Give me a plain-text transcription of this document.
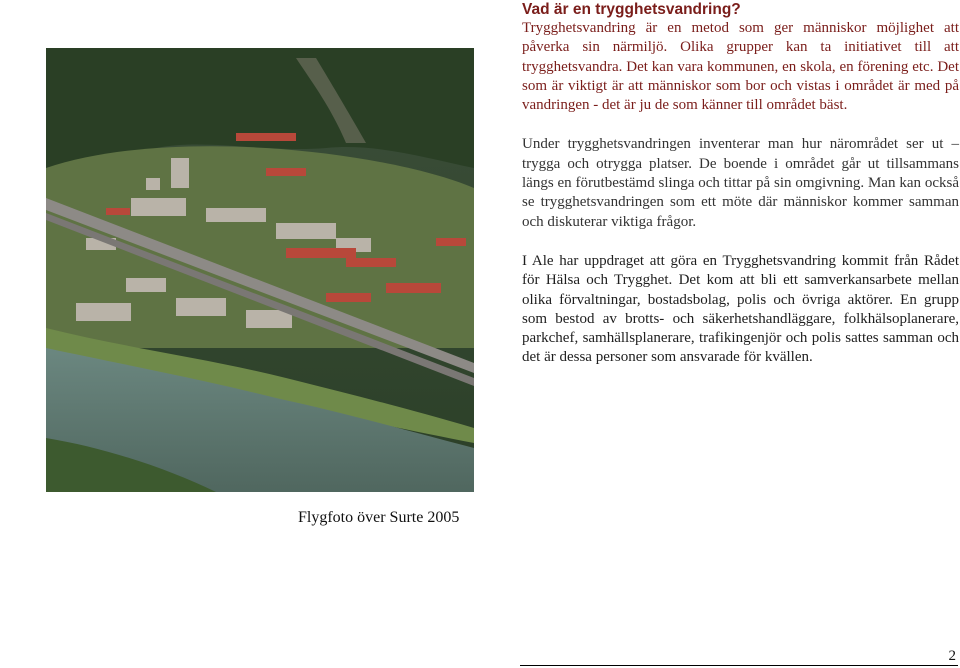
Flygfoto över Surte 2005
Vad är en trygghetsvandring?

Trygghetsvandring är en metod som ger människor möjlighet att påverka sin närmiljö. Olika grupper kan ta initiativet till att trygghetsvandra. Det kan vara kommunen, en skola, en förening etc. Det som är viktigt är att människor som bor och vistas i området är med på vandringen - det är ju de som känner till området bäst.

Under trygghetsvandringen inventerar man hur närområdet ser ut – trygga och otrygga platser. De boende i området går ut tillsammans längs en förutbestämd slinga och tittar på sin omgivning. Man kan också se trygghetsvandringen som ett möte där människor kommer samman och diskuterar viktiga frågor.

I Ale har uppdraget att göra en Trygghetsvandring kommit från Rådet för Hälsa och Trygghet. Det kom att bli ett samverkansarbete mellan olika förvaltningar, bostadsbolag, polis och övriga aktörer. En grupp som bestod av brotts- och säkerhetshandläggare, folkhälsoplanerare, parkchef, samhällsplanerare, trafikingenjör och polis sattes samman och det är dessa personer som ansvarade för kvällen.

2
